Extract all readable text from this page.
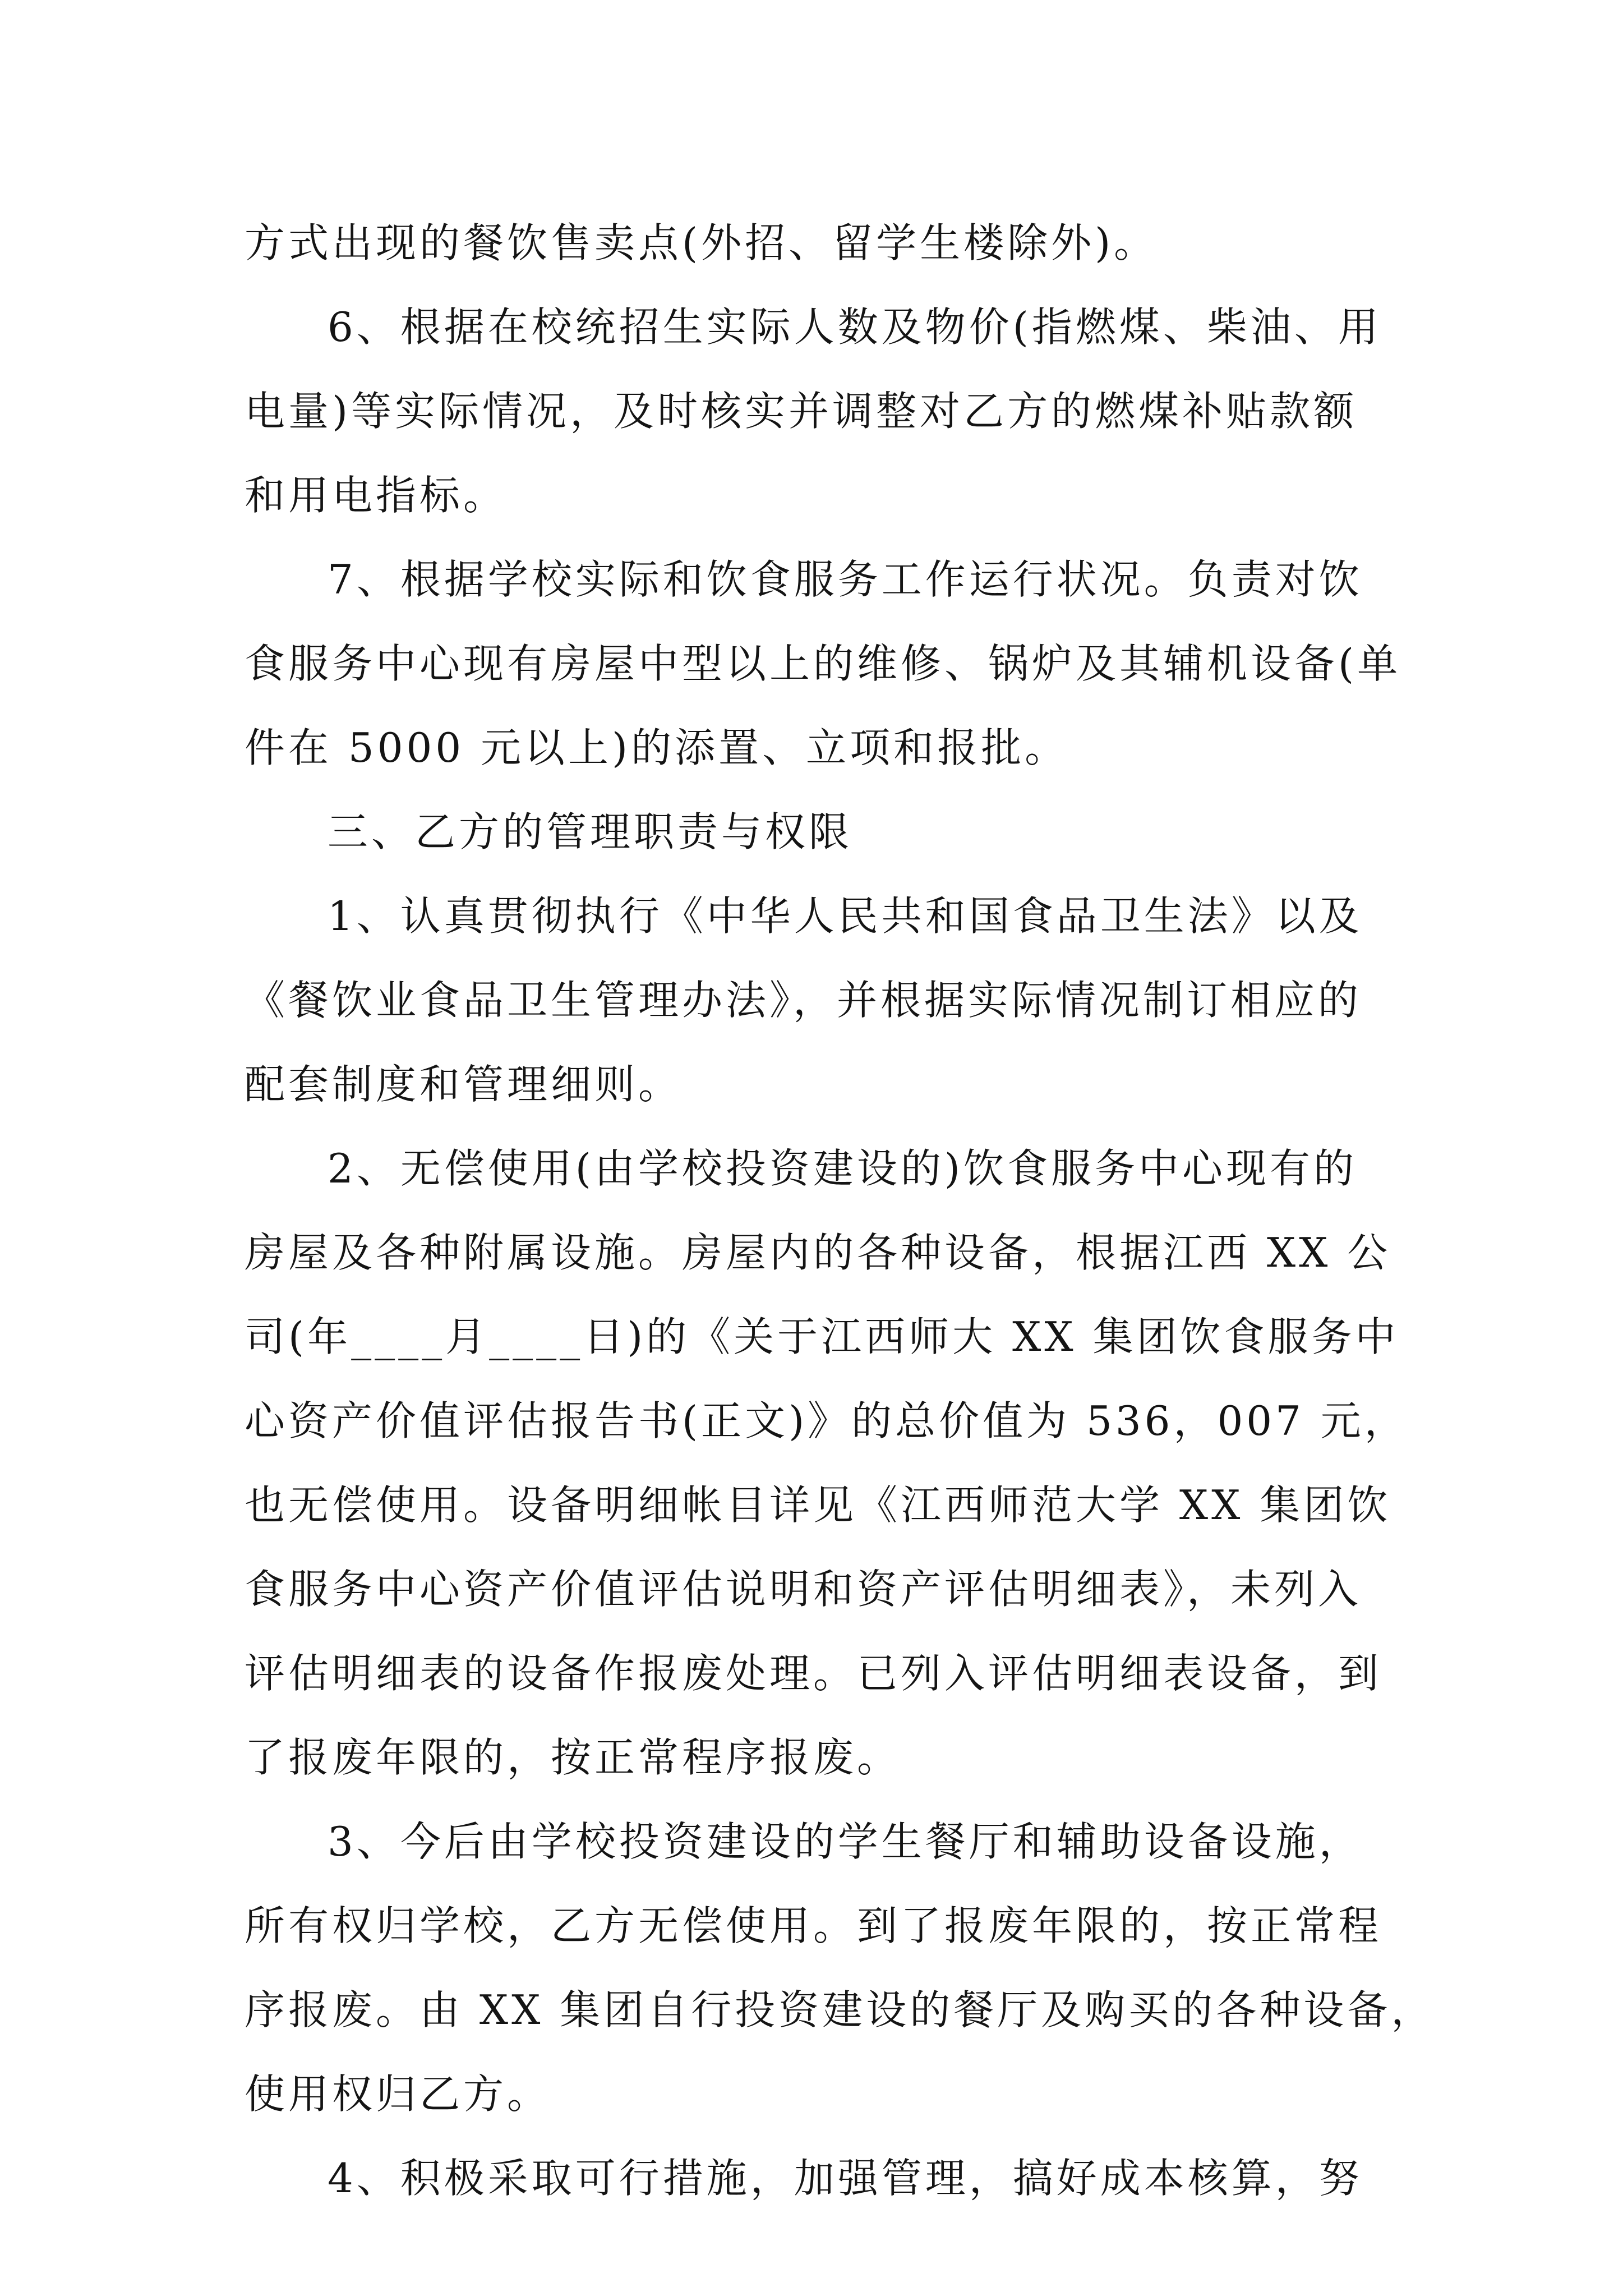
方式出现的餐饮售卖点(外招、留学生楼除外)。
6、根据在校统招生实际人数及物价(指燃煤、柴油、用
电量)等实际情况，及时核实并调整对乙方的燃煤补贴款额
和用电指标。
7、根据学校实际和饮食服务工作运行状况。负责对饮
食服务中心现有房屋中型以上的维修、锅炉及其辅机设备(单
件在 5000 元以上)的添置、立项和报批。
三、乙方的管理职责与权限
1、认真贯彻执行《中华人民共和国食品卫生法》以及
《餐饮业食品卫生管理办法》，并根据实际情况制订相应的
配套制度和管理细则。
2、无偿使用(由学校投资建设的)饮食服务中心现有的
房屋及各种附属设施。房屋内的各种设备，根据江西 XX 公
司(年____月____日)的《关于江西师大 XX 集团饮食服务中
心资产价值评估报告书(正文)》的总价值为 536，007 元，
也无偿使用。设备明细帐目详见《江西师范大学 XX 集团饮
食服务中心资产价值评估说明和资产评估明细表》，未列入
评估明细表的设备作报废处理。已列入评估明细表设备，到
了报废年限的，按正常程序报废。
3、今后由学校投资建设的学生餐厅和辅助设备设施，
所有权归学校，乙方无偿使用。到了报废年限的，按正常程
序报废。由 XX 集团自行投资建设的餐厅及购买的各种设备，
使用权归乙方。
4、积极采取可行措施，加强管理，搞好成本核算，努
